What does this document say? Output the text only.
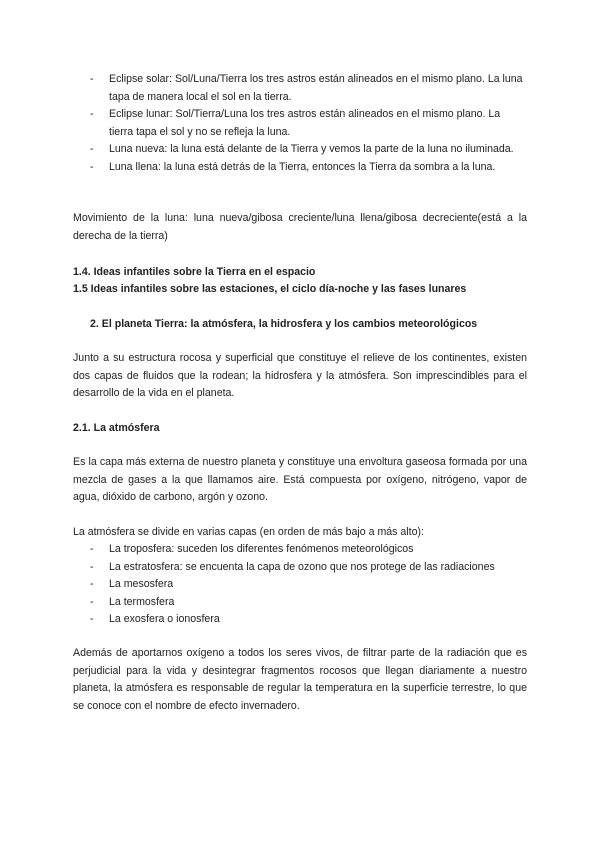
- Eclipse solar: Sol/Luna/Tierra los tres astros están alineados en el mismo plano. La luna tapa de manera local el sol en la tierra.
- Eclipse lunar: Sol/Tierra/Luna los tres astros están alineados en el mismo plano. La tierra tapa el sol y no se refleja la luna.
- Luna nueva: la luna está delante de la Tierra y vemos la parte de la luna no iluminada.
- Luna llena: la luna está detrás de la Tierra, entonces la Tierra da sombra a la luna.

Movimiento de la luna: luna nueva/gibosa creciente/luna llena/gibosa decreciente(está a la derecha de la tierra)

1.4. Ideas infantiles sobre la Tierra en el espacio

1.5 Ideas infantiles sobre las estaciones, el ciclo día-noche y las fases lunares

2. El planeta Tierra: la atmósfera, la hidrosfera y los cambios meteorológicos

Junto a su estructura rocosa y superficial que constituye el relieve de los continentes, existen dos capas de fluidos que la rodean; la hidrosfera y la atmósfera. Son imprescindibles para el desarrollo de la vida en el planeta.

2.1. La atmósfera

Es la capa más externa de nuestro planeta y constituye una envoltura gaseosa formada por una mezcla de gases a la que llamamos aire. Está compuesta por oxígeno, nitrógeno, vapor de agua, dióxido de carbono, argón y ozono.

La atmósfera se divide en varias capas (en orden de más bajo a más alto):

- La troposfera: suceden los diferentes fenómenos meteorológicos
- La estratosfera: se encuenta la capa de ozono que nos protege de las radiaciones
- La mesosfera
- La termosfera
- La exosfera o ionosfera

Además de aportarnos oxígeno a todos los seres vivos, de filtrar parte de la radiación que es perjudicial para la vida y desintegrar fragmentos rocosos que llegan diariamente a nuestro planeta, la atmósfera es responsable de regular la temperatura en la superficie terrestre, lo que se conoce con el nombre de efecto invernadero.
